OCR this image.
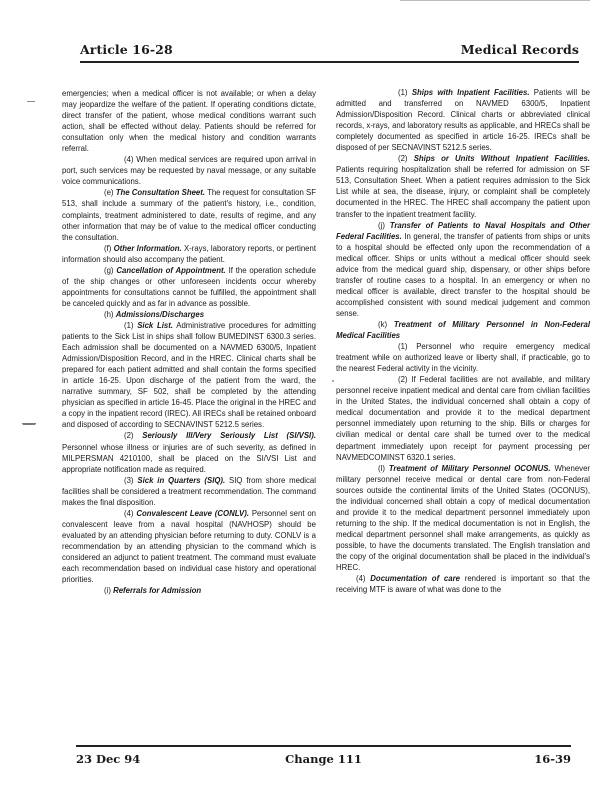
Article 16-28	Medical Records

emergencies; when a medical officer is not available; or when a delay may jeopardize the welfare of the patient. If operating conditions dictate, direct transfer of the patient, whose medical conditions warrant such action, shall be effected without delay. Patients should be referred for consultation only when the medical history and condition warrants referral.

(4) When medical services are required upon arrival in port, such services may be requested by naval message, or any suitable voice communications.

(e) The Consultation Sheet. The request for consultation SF 513, shall include a summary of the patient's history, i.e., condition, complaints, treatment administered to date, results of regime, and any other information that may be of value to the medical officer conducting the consultation.

(f) Other Information. X-rays, laboratory reports, or pertinent information should also accompany the patient.

(g) Cancellation of Appointment. If the operation schedule of the ship changes or other unforeseen incidents occur whereby appointments for consultations cannot be fulfilled, the appointment shall be canceled quickly and as far in advance as possible.

(h) Admissions/Discharges

(1) Sick List. Administrative procedures for admitting patients to the Sick List in ships shall follow BUMEDINST 6300.3 series. Each admission shall be documented on a NAVMED 6300/5, Inpatient Admission/Disposition Record, and in the HREC. Clinical charts shall be prepared for each patient admitted and shall contain the forms specified in article 16-25. Upon discharge of the patient from the ward, the narrative summary, SF 502, shall be completed by the attending physician as specified in article 16-45. Place the original in the HREC and a copy in the inpatient record (IREC). All IRECs shall be retained onboard and disposed of according to SECNAVINST 5212.5 series.

(2) Seriously Ill/Very Seriously List (SI/VSI). Personnel whose illness or injuries are of such severity, as defined in MILPERSMAN 4210100, shall be placed on the SI/VSI List and appropriate notification made as required.

(3) Sick in Quarters (SIQ). SIQ from shore medical facilities shall be considered a treatment recommendation. The command makes the final disposition.

(4) Convalescent Leave (CONLV). Personnel sent on convalescent leave from a naval hospital (NAVHOSP) should be evaluated by an attending physician before returning to duty. CONLV is a recommendation by an attending physician to the command which is considered an adjunct to patient treatment. The command must evaluate each recommendation based on individual case history and operational priorities.

(i) Referrals for Admission

(1) Ships with Inpatient Facilities. Patients will be admitted and transferred on NAVMED 6300/5, Inpatient Admission/Disposition Record. Clinical charts or abbreviated clinical records, x-rays, and laboratory results as applicable, and HRECs shall be completely documented as specified in article 16-25. IRECs shall be disposed of per SECNAVINST 5212.5 series.

(2) Ships or Units Without Inpatient Facilities. Patients requiring hospitalization shall be referred for admission on SF 513, Consultation Sheet. When a patient requires admission to the Sick List while at sea, the disease, injury, or complaint shall be completely documented in the HREC. The HREC shall accompany the patient upon transfer to the inpatient treatment facility.

(j) Transfer of Patients to Naval Hospitals and Other Federal Facilities. In general, the transfer of patients from ships or units to a hospital should be effected only upon the recommendation of a medical officer. Ships or units without a medical officer should seek advice from the medical guard ship, dispensary, or other ships before transfer of routine cases to a hospital. In an emergency or when no medical officer is available, direct transfer to the hospital should be accomplished consistent with sound medical judgement and common sense.

(k) Treatment of Military Personnel in Non-Federal Medical Facilities

(1) Personnel who require emergency medical treatment while on authorized leave or liberty shall, if practicable, go to the nearest Federal activity in the vicinity.

(2) If Federal facilities are not available, and military personnel receive inpatient medical and dental care from civilian facilities in the United States, the individual concerned shall obtain a copy of medical documentation and provide it to the medical department personnel immediately upon returning to the ship. Bills or charges for civilian medical or dental care shall be turned over to the medical department immediately upon receipt for payment processing per NAVMEDCOMINST 6320.1 series.

(l) Treatment of Military Personnel OCONUS. Whenever military personnel receive medical or dental care from non-Federal sources outside the continental limits of the United States (OCONUS), the individual concerned shall obtain a copy of medical documentation and provide it to the medical department personnel immediately upon returning to the ship. If the medical documentation is not in English, the medical department personnel shall make arrangements, as quickly as possible, to have the documents translated. The English translation and the copy of the original documentation shall be placed in the individual's HREC.

(4) Documentation of care rendered is important so that the receiving MTF is aware of what was done to the

23 Dec 94	Change 111	16-39
